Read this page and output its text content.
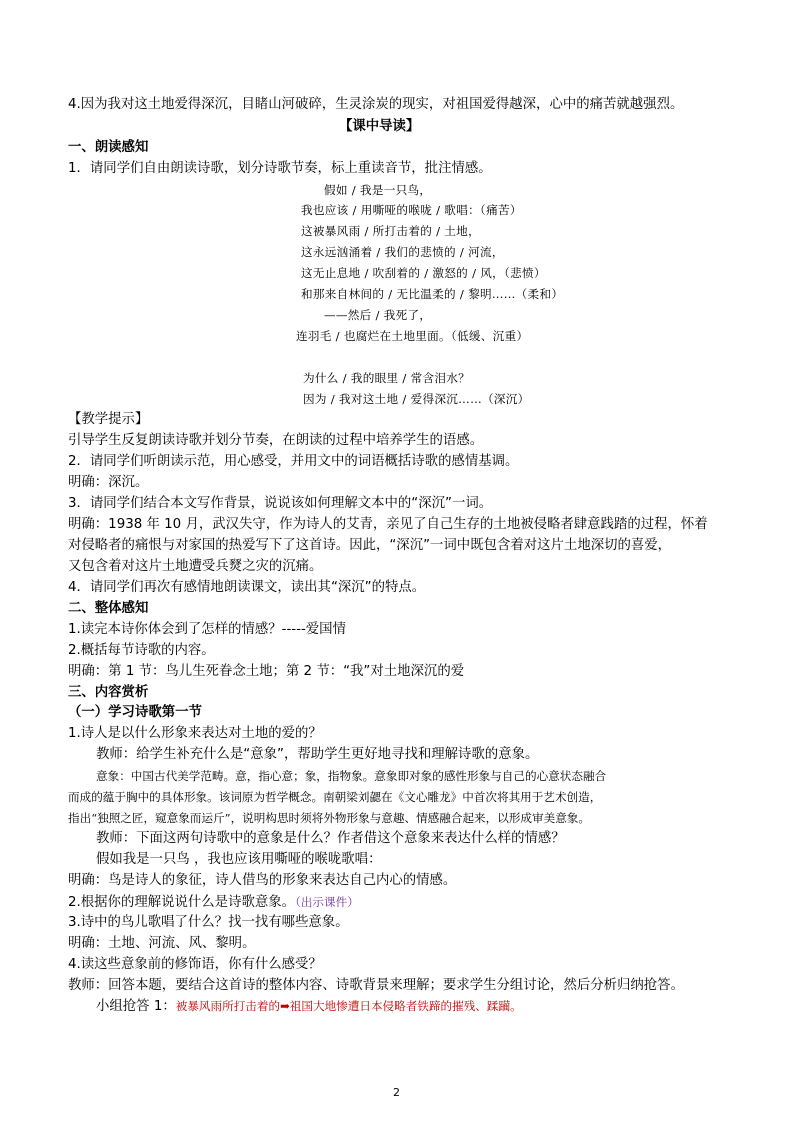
4.因为我对这土地爱得深沉，目睹山河破碎，生灵涂炭的现实，对祖国爱得越深，心中的痛苦就越强烈。
【课中导读】
一、朗读感知
1．请同学们自由朗读诗歌，划分诗歌节奏，标上重读音节，批注情感。
假如 / 我是一只鸟，
我也应该 / 用嘶哑的喉咙 / 歌唱：（痛苦）
这被暴风雨 / 所打击着的 / 土地，
这永远汹涌着 / 我们的悲愤的 / 河流，
这无止息地 / 吹刮着的 / 激怒的 / 风，（悲愤）
和那来自林间的 / 无比温柔的 / 黎明……（柔和）
——然后 / 我死了，
连羽毛 / 也腐烂在土地里面。（低缓、沉重）
为什么 / 我的眼里 / 常含泪水？
因为 / 我对这土地 / 爱得深沉……（深沉）
【教学提示】
引导学生反复朗读诗歌并划分节奏，在朗读的过程中培养学生的语感。
2．请同学们听朗读示范，用心感受，并用文中的词语概括诗歌的感情基调。
明确：深沉。
3．请同学们结合本文写作背景，说说该如何理解文本中的“深沉”一词。
明确：1938 年 10 月，武汉失守，作为诗人的艾青，亲见了自己生存的土地被侵略者肆意践踏的过程，怀着
对侵略者的痛恨与对家国的热爱写下了这首诗。因此，“深沉”一词中既包含着对这片土地深切的喜爱，
又包含着对这片土地遭受兵燹之灾的沉痛。
4．请同学们再次有感情地朗读课文，读出其“深沉”的特点。
二、整体感知
1.读完本诗你体会到了怎样的情感？-----爱国情
2.概括每节诗歌的内容。
明确：第 1 节：鸟儿生死眷念土地；第 2 节：“我”对土地深沉的爱
三、内容赏析
（一）学习诗歌第一节
1.诗人是以什么形象来表达对土地的爱的？
教师：给学生补充什么是“意象”，帮助学生更好地寻找和理解诗歌的意象。
意象：中国古代美学范畴。意，指心意；象，指物象。意象即对象的感性形象与自己的心意状态融合
而成的蕴于胸中的具体形象。该词原为哲学概念。南朝梁刘勰在《文心雕龙》中首次将其用于艺术创造，
指出“独照之匠，窥意象而运斤”，说明构思时须将外物形象与意趣、情感融合起来，以形成审美意象。
教师：下面这两句诗歌中的意象是什么？作者借这个意象来表达什么样的情感？
假如我是一只鸟 ，我也应该用嘶哑的喉咙歌唱：
明确：鸟是诗人的象征，诗人借鸟的形象来表达自己内心的情感。
2.根据你的理解说说什么是诗歌意象。（出示课件）
3.诗中的鸟儿歌唱了什么？找一找有哪些意象。
明确：土地、河流、风、黎明。
4.读这些意象前的修饰语，你有什么感受？
教师：回答本题，要结合这首诗的整体内容、诗歌背景来理解；要求学生分组讨论，然后分析归纳抢答。
小组抢答 1：被暴风雨所打击着的➡祖国大地惨遭日本侵略者铁蹄的摧残、蹂躏。
2
